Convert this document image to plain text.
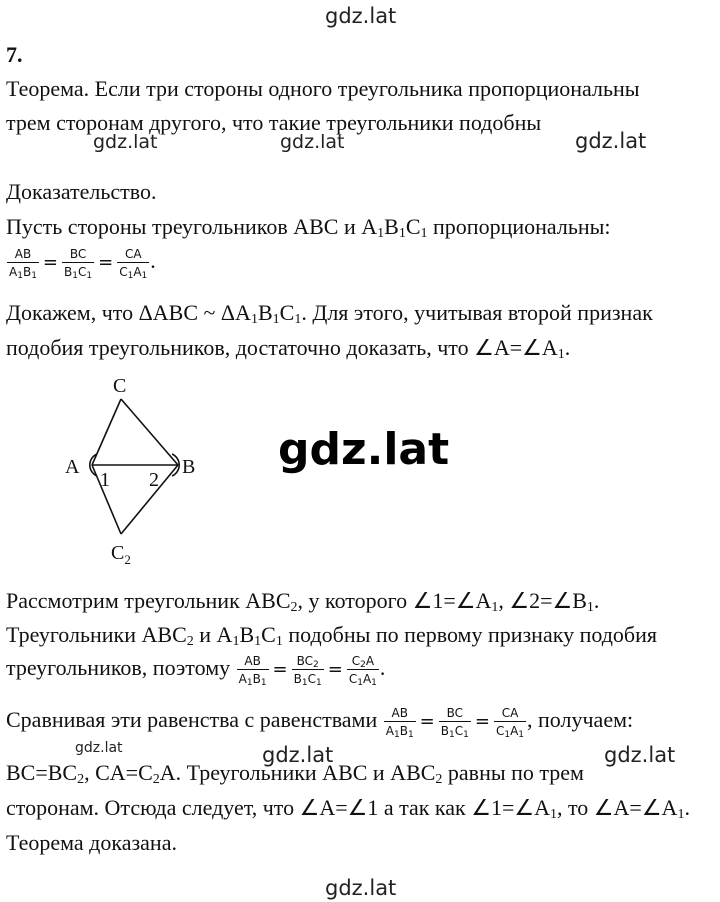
gdz.lat
gdz.lat	gdz.lat	gdz.lat
gdz.lat
gdz.lat	gdz.lat	gdz.lat
gdz.lat
7.
Теорема. Если три стороны одного треугольника пропорциональны
трем сторонам другого, что такие треугольники подобны
Доказательство.
Пусть стороны треугольников ABC и $A_1B_1C_1$ пропорциональны:
$\frac{AB}{A_1B_1} = \frac{BC}{B_1C_1} = \frac{CA}{C_1A_1}$ .
Докажем, что ΔABC ~ $\Delta A_1B_1C_1$. Для этого, учитывая второй признак
подобия треугольников, достаточно доказать, что $\angle A=\angle A_1$.
C
A	B
1 2
$C_2$
Рассмотрим треугольник $ABC_2$, у которого $\angle 1=\angle A_1$, $\angle 2=\angle B_1$.
Треугольники $ABC_2$ и $A_1B_1C_1$ подобны по первому признаку подобия
треугольников, поэтому $\frac{AB}{A_1B_1} = \frac{BC_2}{B_1C_1} = \frac{C_2A}{C_1A_1}$ .
Сравнивая эти равенства с равенствами $\frac{AB}{A_1B_1} = \frac{BC}{B_1C_1} = \frac{CA}{C_1A_1}$ , получаем:
$BC=BC_2$, $CA=C_2A$. Треугольники ABC и $ABC_2$ равны по трем
сторонам. Отсюда следует, что ∠A=∠1 а так как $\angle 1=\angle A_1$, то $\angle A=\angle A_1$.
Теорема доказана.
